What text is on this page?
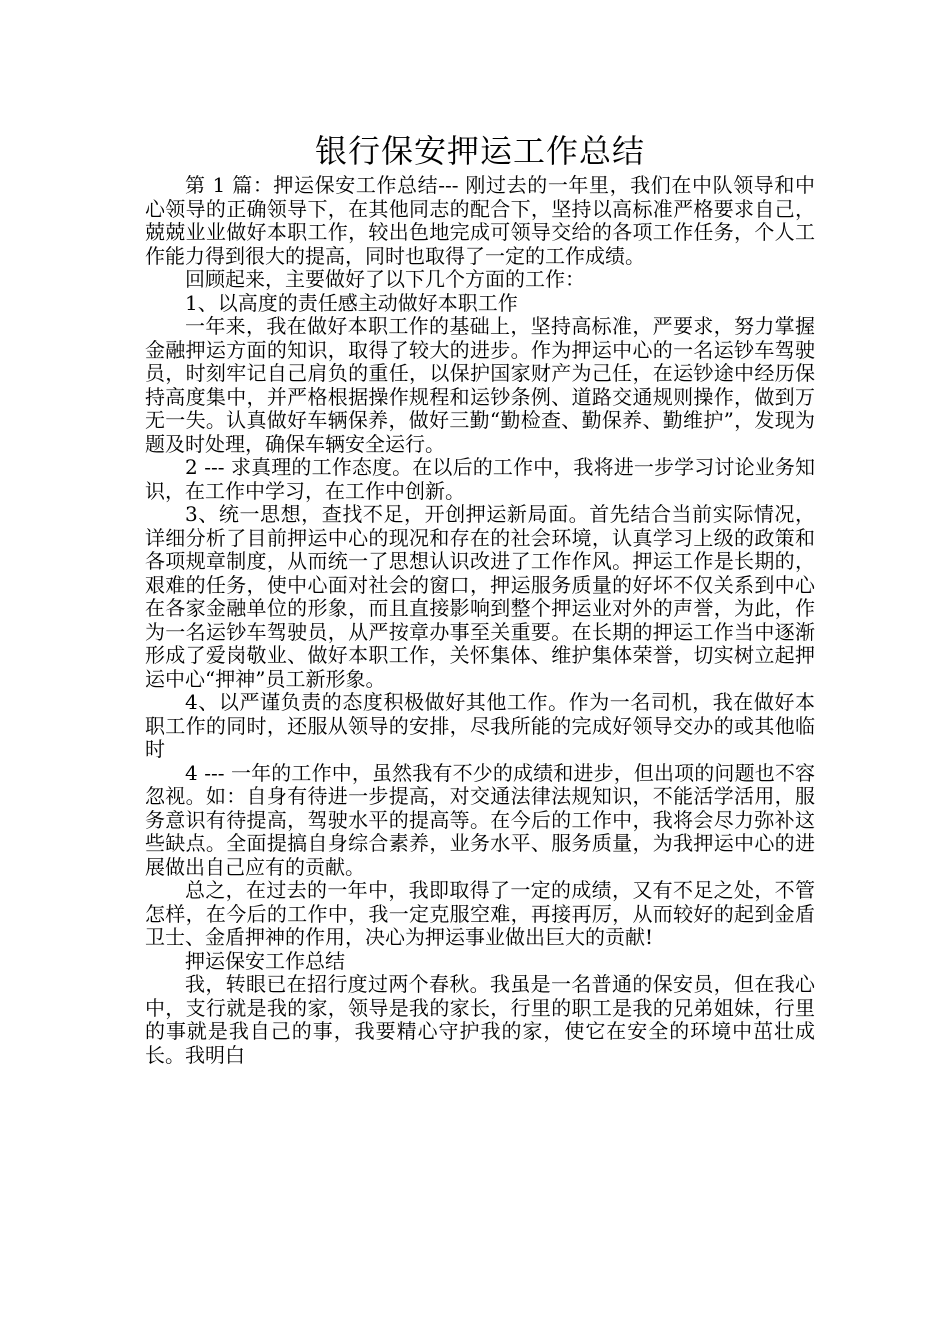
银行保安押运工作总结

第 1 篇：押运保安工作总结--- 刚过去的一年里，我们在中队领导和中心领导的正确领导下，在其他同志的配合下，坚持以高标准严格要求自己，兢兢业业做好本职工作，较出色地完成可领导交给的各项工作任务，个人工作能力得到很大的提高，同时也取得了一定的工作成绩。

回顾起来，主要做好了以下几个方面的工作：

1、以高度的责任感主动做好本职工作

一年来，我在做好本职工作的基础上，坚持高标准，严要求，努力掌握金融押运方面的知识，取得了较大的进步。作为押运中心的一名运钞车驾驶员，时刻牢记自己肩负的重任，以保护国家财产为己任，在运钞途中经历保持高度集中，并严格根据操作规程和运钞条例、道路交通规则操作，做到万无一失。认真做好车辆保养，做好三勤“勤检查、勤保养、勤维护”，发现为题及时处理，确保车辆安全运行。

2 --- 求真理的工作态度。在以后的工作中，我将进一步学习讨论业务知识，在工作中学习，在工作中创新。

3、统一思想，查找不足，开创押运新局面。首先结合当前实际情况，详细分析了目前押运中心的现况和存在的社会环境，认真学习上级的政策和各项规章制度，从而统一了思想认识改进了工作作风。押运工作是长期的，艰难的任务，使中心面对社会的窗口，押运服务质量的好坏不仅关系到中心在各家金融单位的形象，而且直接影响到整个押运业对外的声誉，为此，作为一名运钞车驾驶员，从严按章办事至关重要。在长期的押运工作当中逐渐形成了爱岗敬业、做好本职工作，关怀集体、维护集体荣誉，切实树立起押运中心“押神”员工新形象。

4、以严谨负责的态度积极做好其他工作。作为一名司机，我在做好本职工作的同时，还服从领导的安排，尽我所能的完成好领导交办的或其他临时

4 --- 一年的工作中，虽然我有不少的成绩和进步，但出项的问题也不容忽视。如：自身有待进一步提高，对交通法律法规知识，不能活学活用，服务意识有待提高，驾驶水平的提高等。在今后的工作中，我将会尽力弥补这些缺点。全面提搞自身综合素养，业务水平、服务质量，为我押运中心的进展做出自己应有的贡献。

总之，在过去的一年中，我即取得了一定的成绩，又有不足之处，不管怎样，在今后的工作中，我一定克服空难，再接再厉，从而较好的起到金盾卫士、金盾押神的作用，决心为押运事业做出巨大的贡献!

押运保安工作总结

我，转眼已在招行度过两个春秋。我虽是一名普通的保安员，但在我心中，支行就是我的家，领导是我的家长，行里的职工是我的兄弟姐妹，行里的事就是我自己的事，我要精心守护我的家，使它在安全的环境中茁壮成长。我明白
